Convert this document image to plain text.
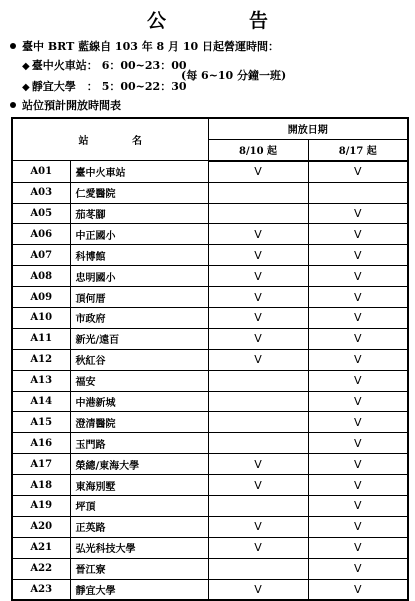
公　告
臺中 BRT 藍線自 103 年 8 月 10 日起營運時間：
◆ 臺中火車站： 6：00~23：00
(每 6~10 分鐘一班)
◆ 靜宜大學　： 5：00~22：30
站位預計開放時間表
站 名		開放日期	
		8/10 起	8/17 起
A01	臺中火車站	V	V
A03	仁愛醫院		
A05	茄苳腳		V
A06	中正國小	V	V
A07	科博館	V	V
A08	忠明國小	V	V
A09	頂何厝	V	V
A10	市政府	V	V
A11	新光/遠百	V	V
A12	秋紅谷	V	V
A13	福安		V
A14	中港新城		V
A15	澄清醫院		V
A16	玉門路		V
A17	榮總/東海大學	V	V
A18	東海別墅	V	V
A19	坪頂		V
A20	正英路	V	V
A21	弘光科技大學	V	V
A22	晉江寮		V
A23	靜宜大學	V	V
